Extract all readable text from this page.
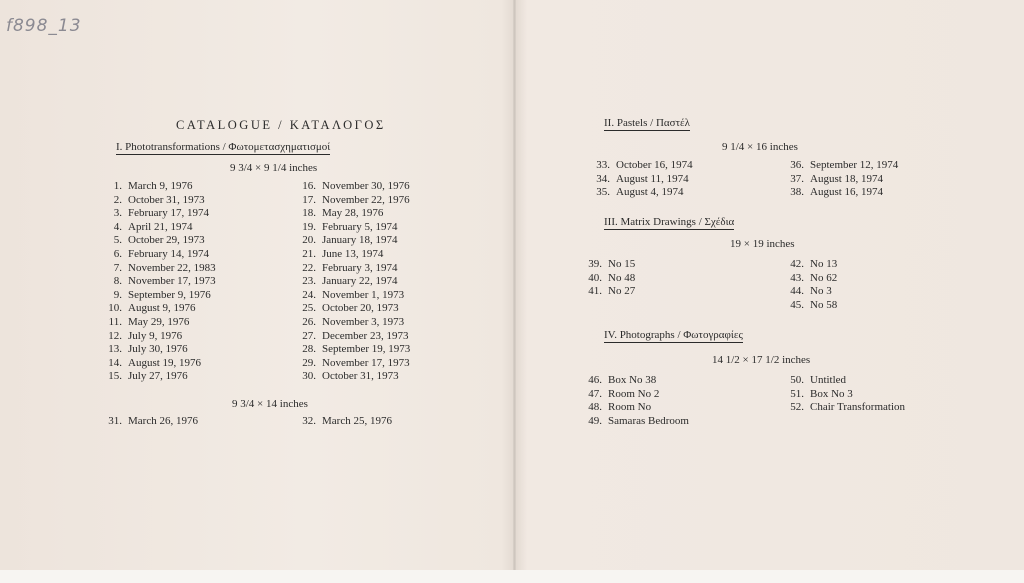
f898_13
CATALOGUE / ΚΑΤΑΛΟΓΟΣ
I. Phototransformations / Φωτομετασχηματισμοί
9 3/4 × 9 1/4 inches
1. March 9, 1976
2. October 31, 1973
3. February 17, 1974
4. April 21, 1974
5. October 29, 1973
6. February 14, 1974
7. November 22, 1983
8. November 17, 1973
9. September 9, 1976
10. August 9, 1976
11. May 29, 1976
12. July 9, 1976
13. July 30, 1976
14. August 19, 1976
15. July 27, 1976
16. November 30, 1976
17. November 22, 1976
18. May 28, 1976
19. February 5, 1974
20. January 18, 1974
21. June 13, 1974
22. February 3, 1974
23. January 22, 1974
24. November 1, 1973
25. October 20, 1973
26. November 3, 1973
27. December 23, 1973
28. September 19, 1973
29. November 17, 1973
30. October 31, 1973
9 3/4 × 14 inches
31. March 26, 1976	32. March 25, 1976
II. Pastels / Παστέλ
9 1/4 × 16 inches
33. October 16, 1974
34. August 11, 1974
35. August 4, 1974
36. September 12, 1974
37. August 18, 1974
38. August 16, 1974
III. Matrix Drawings / Σχέδια
19 × 19 inches
39. No 15
40. No 48
41. No 27
42. No 13
43. No 62
44. No 3
45. No 58
IV. Photographs / Φωτογραφίες
14 1/2 × 17 1/2 inches
46. Box No 38
47. Room No 2
48. Room No
49. Samaras Bedroom
50. Untitled
51. Box No 3
52. Chair Transformation
